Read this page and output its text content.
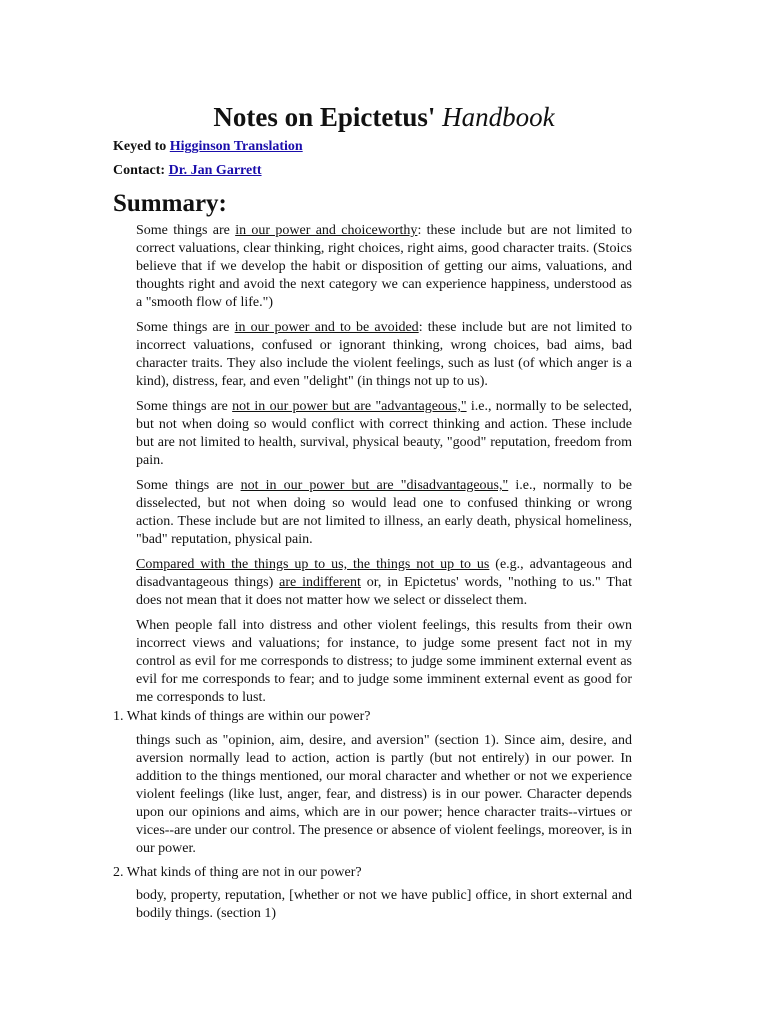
Notes on Epictetus' Handbook
Keyed to Higginson Translation
Contact: Dr. Jan Garrett
Summary:

Some things are in our power and choiceworthy: these include but are not limited to correct valuations, clear thinking, right choices, right aims, good character traits. (Stoics believe that if we develop the habit or disposition of getting our aims, valuations, and thoughts right and avoid the next category we can experience happiness, understood as a "smooth flow of life.")

Some things are in our power and to be avoided: these include but are not limited to incorrect valuations, confused or ignorant thinking, wrong choices, bad aims, bad character traits. They also include the violent feelings, such as lust (of which anger is a kind), distress, fear, and even "delight" (in things not up to us).

Some things are not in our power but are "advantageous," i.e., normally to be selected, but not when doing so would conflict with correct thinking and action. These include but are not limited to health, survival, physical beauty, "good" reputation, freedom from pain.

Some things are not in our power but are "disadvantageous," i.e., normally to be disselected, but not when doing so would lead one to confused thinking or wrong action. These include but are not limited to illness, an early death, physical homeliness, "bad" reputation, physical pain.

Compared with the things up to us, the things not up to us (e.g., advantageous and disadvantageous things) are indifferent or, in Epictetus' words, "nothing to us." That does not mean that it does not matter how we select or disselect them.

When people fall into distress and other violent feelings, this results from their own incorrect views and valuations; for instance, to judge some present fact not in my control as evil for me corresponds to distress; to judge some imminent external event as evil for me corresponds to fear; and to judge some imminent external event as good for me corresponds to lust.

1. What kinds of things are within our power?

things such as "opinion, aim, desire, and aversion" (section 1). Since aim, desire, and aversion normally lead to action, action is partly (but not entirely) in our power. In addition to the things mentioned, our moral character and whether or not we experience violent feelings (like lust, anger, fear, and distress) is in our power. Character depends upon our opinions and aims, which are in our power; hence character traits--virtues or vices--are under our control. The presence or absence of violent feelings, moreover, is in our power.

2. What kinds of thing are not in our power?

body, property, reputation, [whether or not we have public] office, in short external and bodily things. (section 1)
